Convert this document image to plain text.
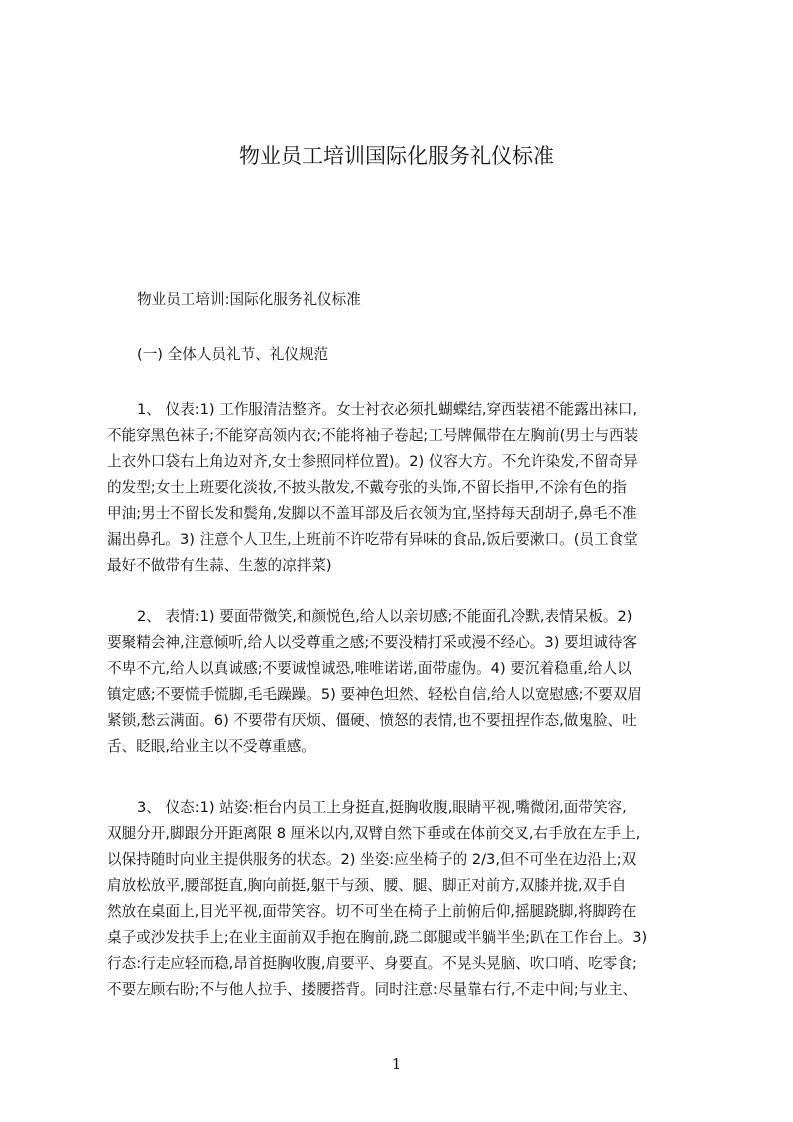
物业员工培训国际化服务礼仪标准

物业员工培训:国际化服务礼仪标准

(一) 全体人员礼节、礼仪规范

1、 仪表:1) 工作服清洁整齐。女士衬衣必须扎蝴蝶结,穿西装裙不能露出袜口,
不能穿黑色袜子;不能穿高领内衣;不能将袖子卷起;工号牌佩带在左胸前(男士与西装
上衣外口袋右上角边对齐,女士参照同样位置)。2) 仪容大方。不允许染发,不留奇异
的发型;女士上班要化淡妆,不披头散发,不戴夸张的头饰,不留长指甲,不涂有色的指
甲油;男士不留长发和鬓角,发脚以不盖耳部及后衣领为宜,坚持每天刮胡子,鼻毛不准
漏出鼻孔。3) 注意个人卫生,上班前不许吃带有异味的食品,饭后要漱口。(员工食堂
最好不做带有生蒜、生葱的凉拌菜)
2、 表情:1) 要面带微笑,和颜悦色,给人以亲切感;不能面孔冷默,表情呆板。2)
要聚精会神,注意倾听,给人以受尊重之感;不要没精打采或漫不经心。3) 要坦诚待客
不卑不亢,给人以真诚感;不要诚惶诚恐,唯唯诺诺,面带虚伪。4) 要沉着稳重,给人以
镇定感;不要慌手慌脚,毛毛躁躁。5) 要神色坦然、轻松自信,给人以宽慰感;不要双眉
紧锁,愁云满面。6) 不要带有厌烦、僵硬、愤怒的表情,也不要扭捏作态,做鬼脸、吐
舌、眨眼,给业主以不受尊重感。
3、 仪态:1) 站姿:柜台内员工上身挺直,挺胸收腹,眼睛平视,嘴微闭,面带笑容,
双腿分开,脚跟分开距离限 8 厘米以内,双臂自然下垂或在体前交叉,右手放在左手上,
以保持随时向业主提供服务的状态。2) 坐姿:应坐椅子的 2/3,但不可坐在边沿上;双
肩放松放平,腰部挺直,胸向前挺,躯干与颈、腰、腿、脚正对前方,双膝并拢,双手自
然放在桌面上,目光平视,面带笑容。切不可坐在椅子上前俯后仰,摇腿跷脚,将脚跨在
桌子或沙发扶手上;在业主面前双手抱在胸前,跷二郎腿或半躺半坐;趴在工作台上。3)
行态:行走应轻而稳,昂首挺胸收腹,肩要平、身要直。不晃头晃脑、吹口哨、吃零食;
不要左顾右盼;不与他人拉手、搂腰搭背。同时注意:尽量靠右行,不走中间;与业主、
1
